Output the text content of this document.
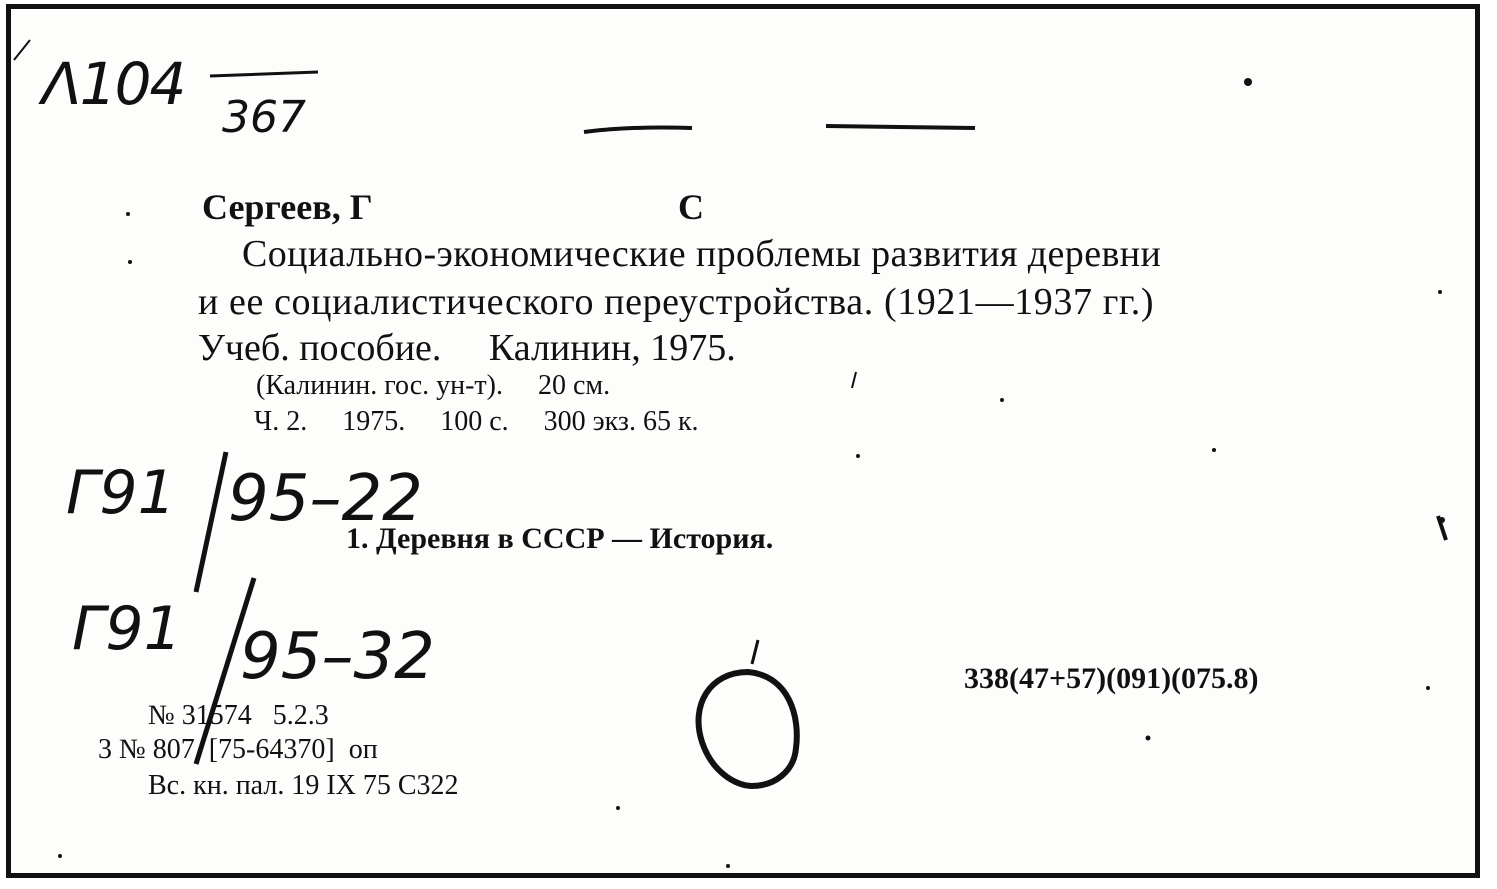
Λ104 367
Сергеев, Г	С
Социально-экономические проблемы развития деревни
и ее социалистического переустройства. (1921—1937 гг.)
Учеб. пособие.     Калинин, 1975.
(Калинин. гос. ун-т).     20 см.
Ч. 2.     1975.     100 с.     300 экз. 65 к.
Г91 95–22
1. Деревня в СССР — История.
Г91 95–32	338(47+57)(091)(075.8)
№ 31574   5.2.3
3 № 807  [75-64370]  оп
Вс. кн. пал. 19 IX 75 С322
